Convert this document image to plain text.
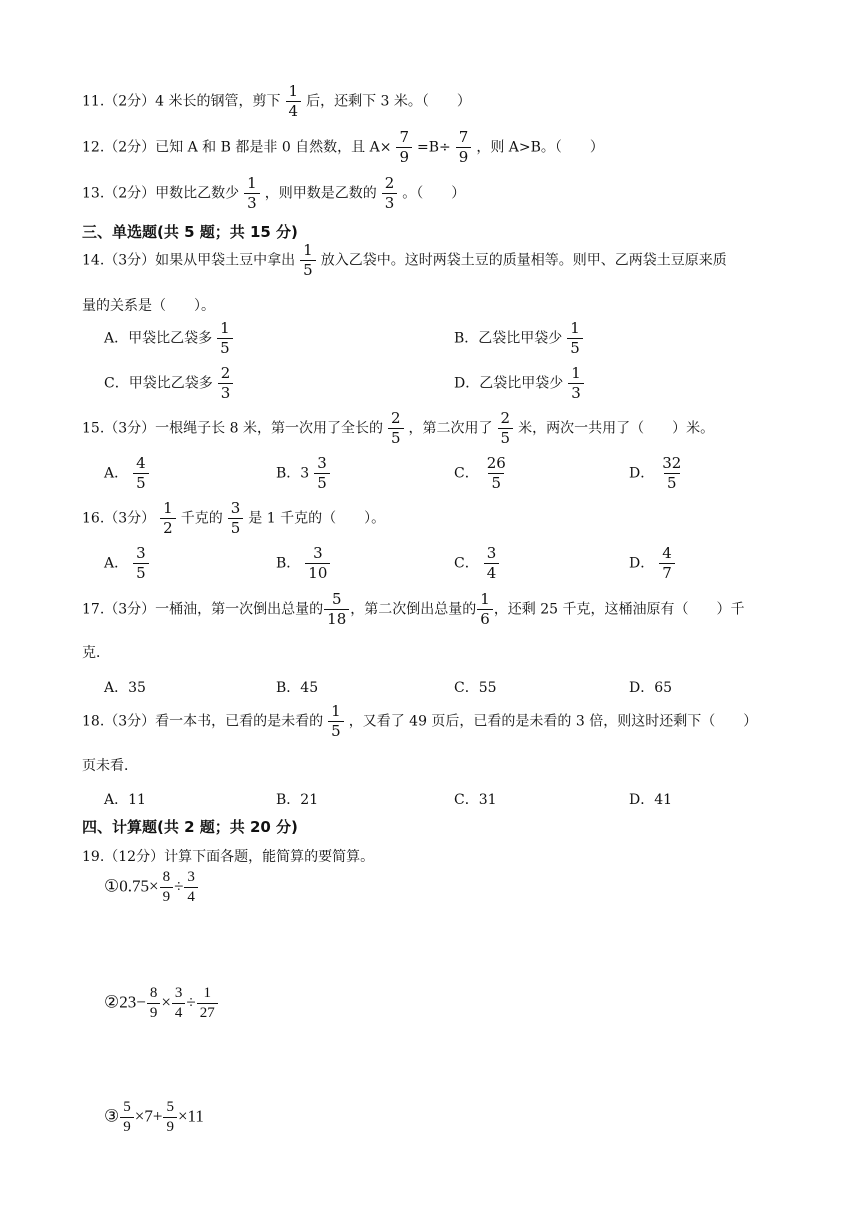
11.（2分）4 米长的钢管，剪下 $\frac{1}{4}$ 后，还剩下 3 米。（　　）
12.（2分）已知 A 和 B 都是非 0 自然数，且 $A\times \frac{7}{9} =B\div \frac{7}{9}$ ，则 A>B。（　　）
13.（2分）甲数比乙数少 $\frac{1}{3}$ ，则甲数是乙数的 $\frac{2}{3}$ 。（　　）
三、单选题(共 5 题；共 15 分)
14.（3分）如果从甲袋土豆中拿出 $\frac{1}{5}$ 放入乙袋中。这时两袋土豆的质量相等。则甲、乙两袋土豆原来质
量的关系是（　　）。
A．甲袋比乙袋多 $\frac{1}{5}$	B．乙袋比甲袋少 $\frac{1}{5}$
C．甲袋比乙袋多 $\frac{2}{3}$	D．乙袋比甲袋少 $\frac{1}{3}$
15.（3分）一根绳子长 8 米，第一次用了全长的 $\frac{2}{5}$ ，第二次用了 $\frac{2}{5}$ 米，两次一共用了（　　）米。
A． $\frac{4}{5}$	B．$3 \frac{3}{5}$	C． $\frac{26}{5}$	D． $\frac{32}{5}$
16.（3分） $\frac{1}{2}$ 千克的 $\frac{3}{5}$ 是 1 千克的（　　）。
A． $\frac{3}{5}$	B． $\frac{3}{10}$	C． $\frac{3}{4}$	D． $\frac{4}{7}$
17.（3分）一桶油，第一次倒出总量的 $\frac{5}{18}$ ，第二次倒出总量的 $\frac{1}{6}$ ，还剩 25 千克，这桶油原有（　　）千
克．
A．35	B．45	C．55	D．65
18.（3分）看一本书，已看的是未看的 $\frac{1}{5}$ ，又看了 49 页后，已看的是未看的 3 倍，则这时还剩下（　　）
页未看．
A．11	B．21	C．31	D．41
四、计算题(共 2 题；共 20 分)
19.（12分）计算下面各题，能简算的要简算。
①0.75× $\frac{8}{9} \div \frac{3}{4}$
②23− $\frac{8}{9} \times \frac{3}{4} \div \frac{1}{27}$
③ $\frac{5}{9} \times 7+ \frac{5}{9} \times 11$
